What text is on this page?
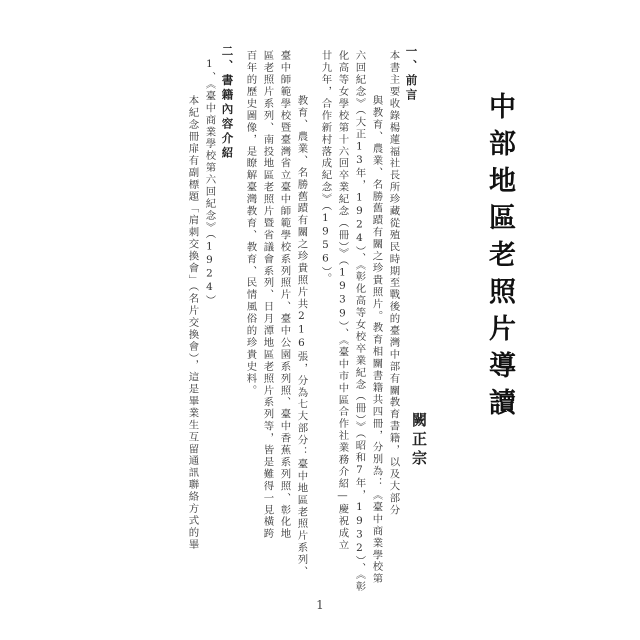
中部地區老照片導讀
闕正宗
一、前言
本書主要收錄楊蓮福社長所珍藏從殖民時期至戰後的臺灣中部有關教育書籍，以及大部分
與教育、農業、名勝舊蹟有關之珍貴照片。教育相關書籍共四冊，分別為：《臺中商業學校第
六回紀念》（大正13年，1924）、《彰化高等女校卒業紀念（冊）》（昭和7年，1932）、《彰
化高等女學校第十六回卒業紀念（冊）》（1939）、《臺中市中區合作社業務介紹—慶祝成立
廿九年，合作新村落成紀念》（1956）。
教育、農業、名勝舊蹟有關之珍貴照片共216張，分為七大部分：臺中地區老照片系列、
臺中師範學校暨臺灣省立臺中師範學校系列照片、臺中公園系列照、臺中香蕉系列照、彰化地
區老照片系列、南投地區老照片暨省議會系列、日月潭地區老照片系列等，皆是難得一見橫跨
百年的歷史圖像，是瞭解臺灣教育、教育、民情風俗的珍貴史料。
二、書籍內容介紹
1、《臺中商業學校第六回紀念》（1924）
本紀念冊扉有副標題「肩刺交換會」（名片交換會），這是畢業生互留通訊聯絡方式的畢
1
